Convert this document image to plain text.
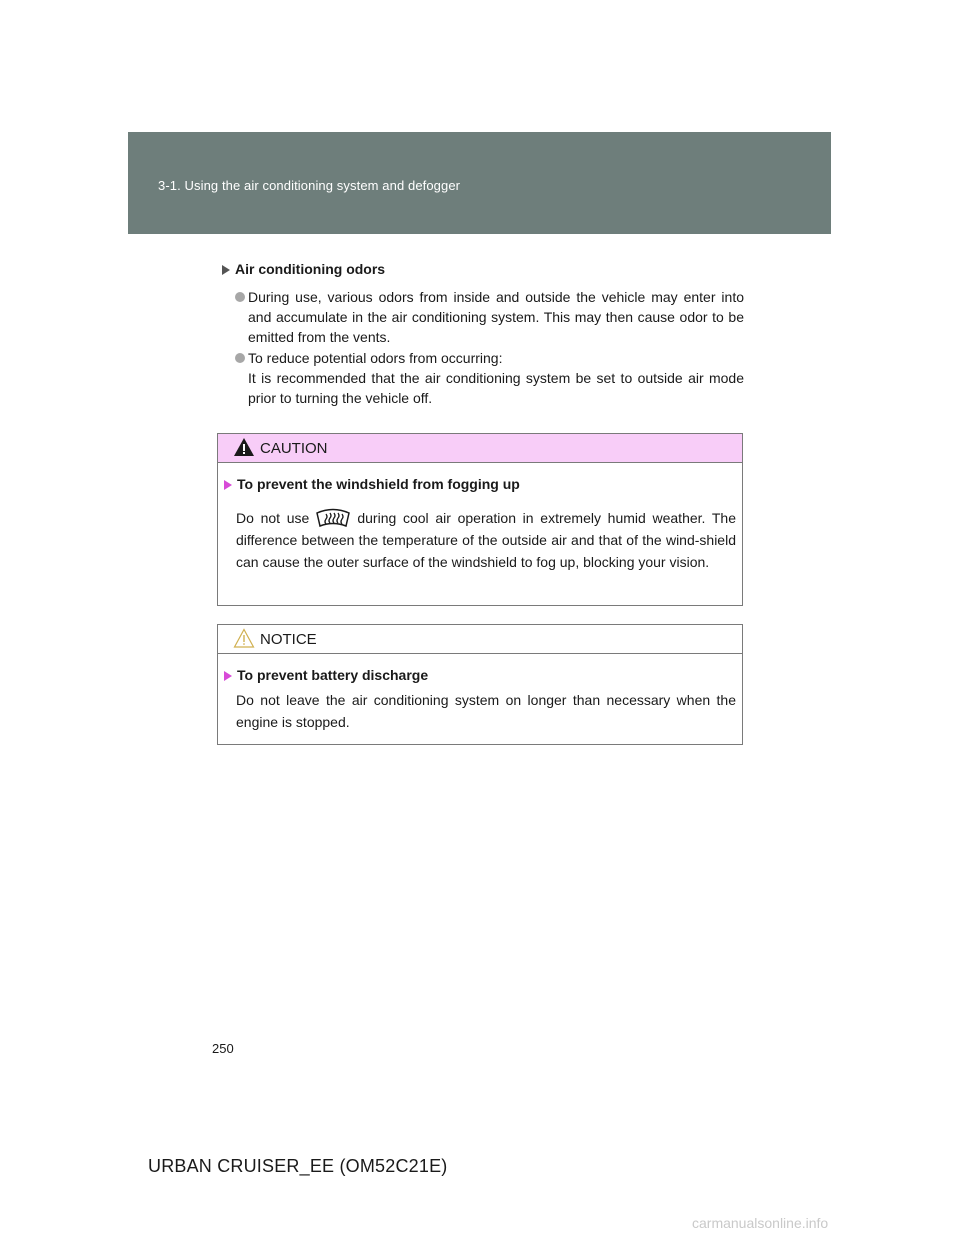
3-1. Using the air conditioning system and defogger
Air conditioning odors
During use, various odors from inside and outside the vehicle may enter into and accumulate in the air conditioning system. This may then cause odor to be emitted from the vents.
To reduce potential odors from occurring:
It is recommended that the air conditioning system be set to outside air mode prior to turning the vehicle off.
CAUTION
To prevent the windshield from fogging up
Do not use	during cool air operation in extremely humid weather. The difference between the temperature of the outside air and that of the wind-shield can cause the outer surface of the windshield to fog up, blocking your vision.
NOTICE
To prevent battery discharge
Do not leave the air conditioning system on longer than necessary when the engine is stopped.
250
URBAN CRUISER_EE (OM52C21E)
carmanualsonline.info
